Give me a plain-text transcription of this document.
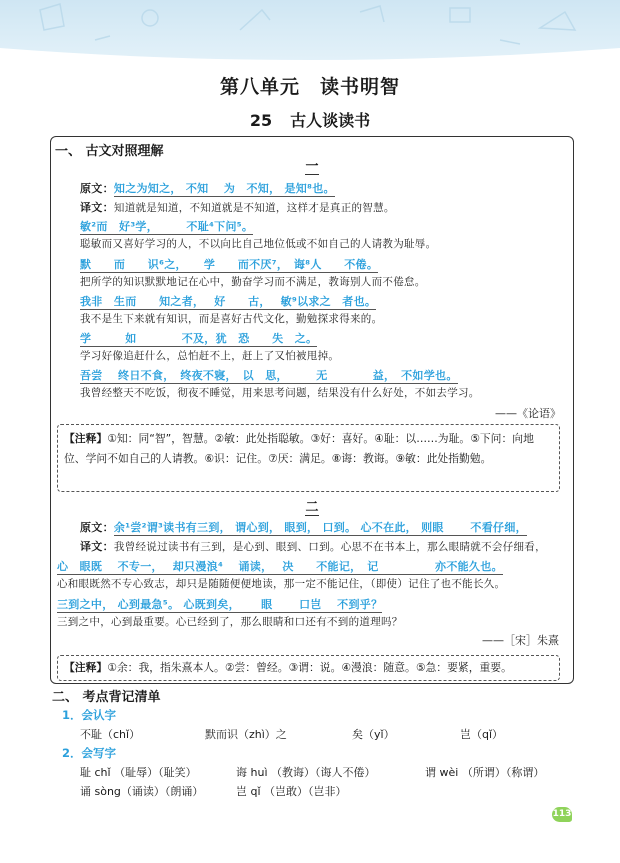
第八单元 读书明智
25 古人谈读书
一、 古文对照理解
一
原文：知之为知之， 不知　 为　不知， 是知⁸也。
译文：知道就是知道，不知道就是不知道，这样才是真正的智慧。
敏²而　好³学，　　　不耻⁴下问⁵。
聪敏而又喜好学习的人，不以向比自己地位低或不如自己的人请教为耻辱。
默　　而　　识⁶之，　　学　　而不厌⁷，　诲⁸人　　不倦。
把所学的知识默默地记在心中，勤奋学习而不满足，教诲别人而不倦怠。
我非　生而　　知之者，　 好　　古，　 敏⁹以求之　者也。
我不是生下来就有知识，而是喜好古代文化，勤勉探求得来的。
学　　　如　　　　不及，犹　恐　　失　之。
学习好像追赶什么，总怕赶不上，赶上了又怕被甩掉。
吾尝　 终日不食，　终夜不寝，　以　思，　　　无　　　　益，　不如学也。
我曾经整天不吃饭，彻夜不睡觉，用来思考问题，结果没有什么好处，不如去学习。
——《论语》
【注释】①知：同“智”，智慧。②敏：此处指聪敏。③好：喜好。④耻：以……为耻。⑤下问：向地位、学问不如自己的人请教。⑥识：记住。⑦厌：满足。⑧诲：教诲。⑨敏：此处指勤勉。
二
原文：余¹尝²谓³读书有三到， 谓心到， 眼到， 口到。 心不在此， 则眼　　 不看仔细，
译文：我曾经说过读书有三到，是心到、眼到、口到。心思不在书本上，那么眼睛就不会仔细看，
心　眼既　 不专一，　 却只漫浪⁴　 诵读，　 决　　不能记，　记　　　　　亦不能久也。
心和眼既然不专心致志，却只是随随便便地读，那一定不能记住，（即使）记住了也不能长久。
三到之中， 心到最急⁵。 心既到矣，　　 眼　　 口岂　 不到乎？
三到之中，心到最重要。心已经到了，那么眼睛和口还有不到的道理吗？
——［宋］朱熹
【注释】①余：我，指朱熹本人。②尝：曾经。③谓：说。④漫浪：随意。⑤急：要紧，重要。
二、 考点背记清单
1．会认字
不耻（chǐ）	默而识（zhì）之	矣（yǐ）	岂（qǐ）
2．会写字
耻 chǐ （耻辱）（耻笑）	诲 huì （教诲）（诲人不倦）	谓 wèi （所谓）（称谓）
诵 sòng（诵读）（朗诵）	岂 qǐ （岂敢）（岂非）
113
